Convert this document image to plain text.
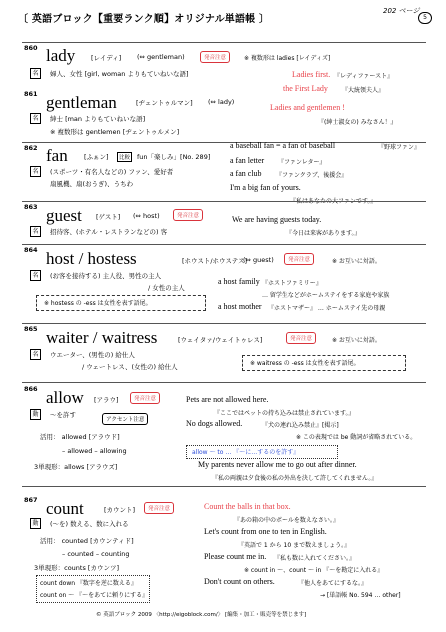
〔 英語ブロック【重要ランク順】オリジナル単語帳 〕
202 ページ
5
860 lady [レイディ] (⇔ gentleman)	発音注意	※ 複数形は ladies [レイディズ]
名	婦人、女性 [girl, woman よりもていねいな語]	Ladies first. 『レディファースト』
the First Lady 『大統領夫人』
Ladies and gentlemen !
『(紳士淑女の) みなさん！』
861 gentleman	[ヂェントゥルマン] (⇔ lady)
名	紳士 [man よりもていねいな語]
※ 複数形は gentlemen [ヂェントゥルメン]
862 fan	[ふぁン]	比較	fun「楽しみ」[No. 289]
名	(スポーツ・有名人などの) ファン、愛好者
扇風機、扇(おうぎ)、うちわ
a baseball fan = a fan of baseball	『野球ファン』
a fan letter 『ファンレター』
a fan club 『ファンクラブ、後援会』
I'm a big fan of yours.
『私はあなたの大ファンです。』
863 guest [ゲスト] (⇔ host)	発音注意
名	招待客、(ホテル・レストランなどの) 客
We are having guests today.
『今日は来客があります。』
864 host / hostess	[ホウスト/ホウステス]
(⇔ guest)	発音注意	※ お互いに対語。
名	(お客を接待する) 主人役、男性の主人
/ 女性の主人
※ hostess の -ess は女性を表す語尾。
a host family 『ホストファミリー』
… 留学生などがホームステイをする家庭や家族
a host mother 『ホストマザー』 … ホームステイ先の母親
865 waiter / waitress	[ウェイタァ/ウェイトゥレス]	発音注意	※ お互いに対語。
名	ウエーター、(男性の) 給仕人
/ ウェートレス、(女性の) 給仕人	※ waitress の -ess は女性を表す語尾。
866 allow [アラウ]	発音注意
アクセント注意
動	～を許す
活用： allowed [アラウド]
– allowed – allowing
3単現形：allows [アラウズ]
Pets are not allowed here.
『ここではペットの持ち込みは禁止されています。』
No dogs allowed.	『犬の連れ込み禁止』[掲示]
※ この表現では be 動詞が省略されている。
allow ～ to … 『～に…するのを許す』
My parents never allow me to go out after dinner.
『私の両親は夕食後の私の外出を決して許してくれません。』
867 count	[カウント]	発音注意
動	(～を) 数える、数に入れる
活用： counted [カウンティド]
– counted – counting
3単現形：counts [カウンツ]
count down 『数字を逆に数える』
count on ～ 『～をあてに頼りにする』
Count the balls in that box.
『あの箱の中のボールを数えなさい。』
Let's count from one to ten in English.
『英語で 1 から 10 まで数えましょう。』
Please count me in. 『私も数に入れてください。』
※ count in ～、count ～ in 『～を勘定に入れる』
Don't count on others.	『他人をあてにするな。』
→ [単語帳 No. 594 … other]
© 英語ブロック 2009 〈http://eigoblock.com/〉 [編集・加工・販売等を禁じます]
